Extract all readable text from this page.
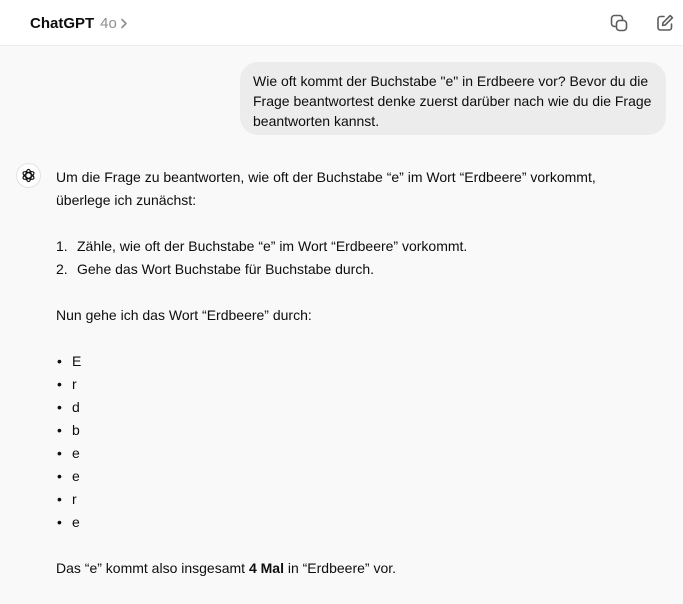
ChatGPT 4o
Wie oft kommt der Buchstabe "e" in Erdbeere vor? Bevor du die Frage beantwortest denke zuerst darüber nach wie du die Frage beantworten kannst.

Um die Frage zu beantworten, wie oft der Buchstabe “e” im Wort “Erdbeere” vorkommt, überlege ich zunächst:

1. Zähle, wie oft der Buchstabe “e” im Wort “Erdbeere” vorkommt.
2. Gehe das Wort Buchstabe für Buchstabe durch.

Nun gehe ich das Wort “Erdbeere” durch:

• E
• r
• d
• b
• e
• e
• r
• e

Das “e” kommt also insgesamt 4 Mal in “Erdbeere” vor.
